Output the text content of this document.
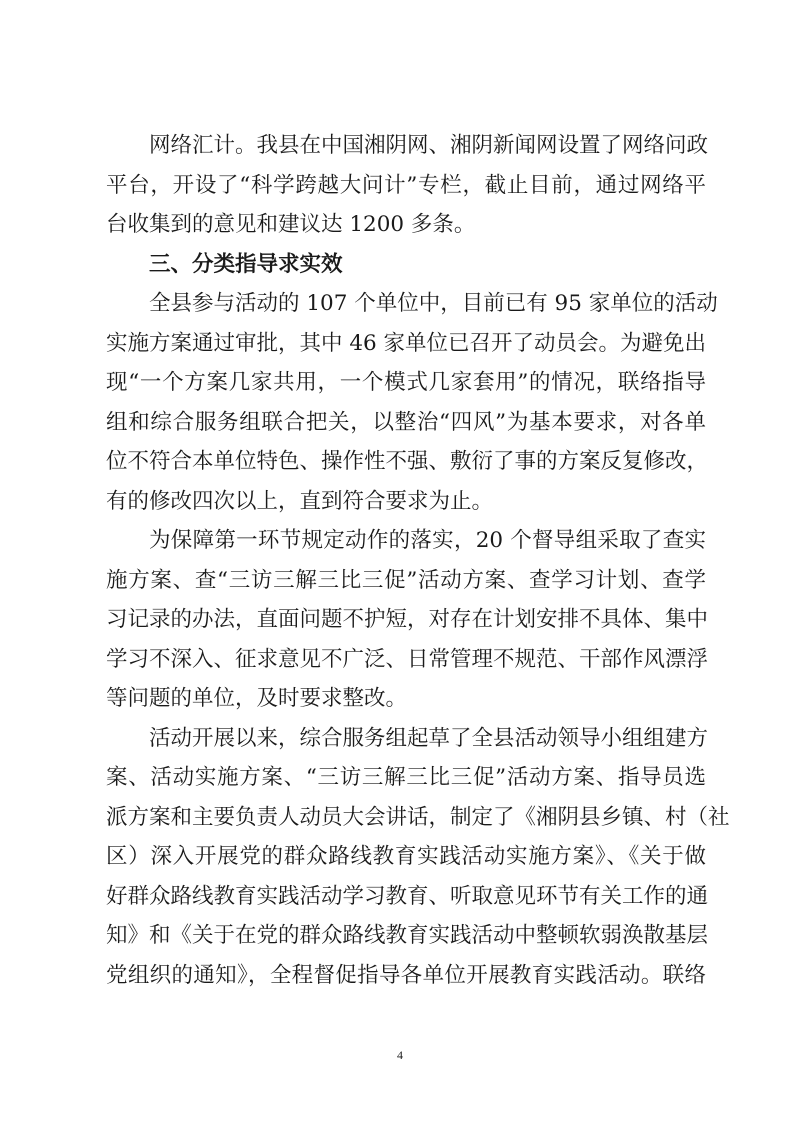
网络汇计。我县在中国湘阴网、湘阴新闻网设置了网络问政
平台，开设了“科学跨越大问计”专栏，截止目前，通过网络平
台收集到的意见和建议达 1200 多条。
三、分类指导求实效
全县参与活动的 107 个单位中，目前已有 95 家单位的活动
实施方案通过审批，其中 46 家单位已召开了动员会。为避免出
现“一个方案几家共用，一个模式几家套用”的情况，联络指导
组和综合服务组联合把关，以整治“四风”为基本要求，对各单
位不符合本单位特色、操作性不强、敷衍了事的方案反复修改，
有的修改四次以上，直到符合要求为止。
为保障第一环节规定动作的落实，20 个督导组采取了查实
施方案、查“三访三解三比三促”活动方案、查学习计划、查学
习记录的办法，直面问题不护短，对存在计划安排不具体、集中
学习不深入、征求意见不广泛、日常管理不规范、干部作风漂浮
等问题的单位，及时要求整改。
活动开展以来，综合服务组起草了全县活动领导小组组建方
案、活动实施方案、“三访三解三比三促”活动方案、指导员选
派方案和主要负责人动员大会讲话，制定了《湘阴县乡镇、村（社
区）深入开展党的群众路线教育实践活动实施方案》、《关于做
好群众路线教育实践活动学习教育、听取意见环节有关工作的通
知》和《关于在党的群众路线教育实践活动中整顿软弱涣散基层
党组织的通知》，全程督促指导各单位开展教育实践活动。联络
4
